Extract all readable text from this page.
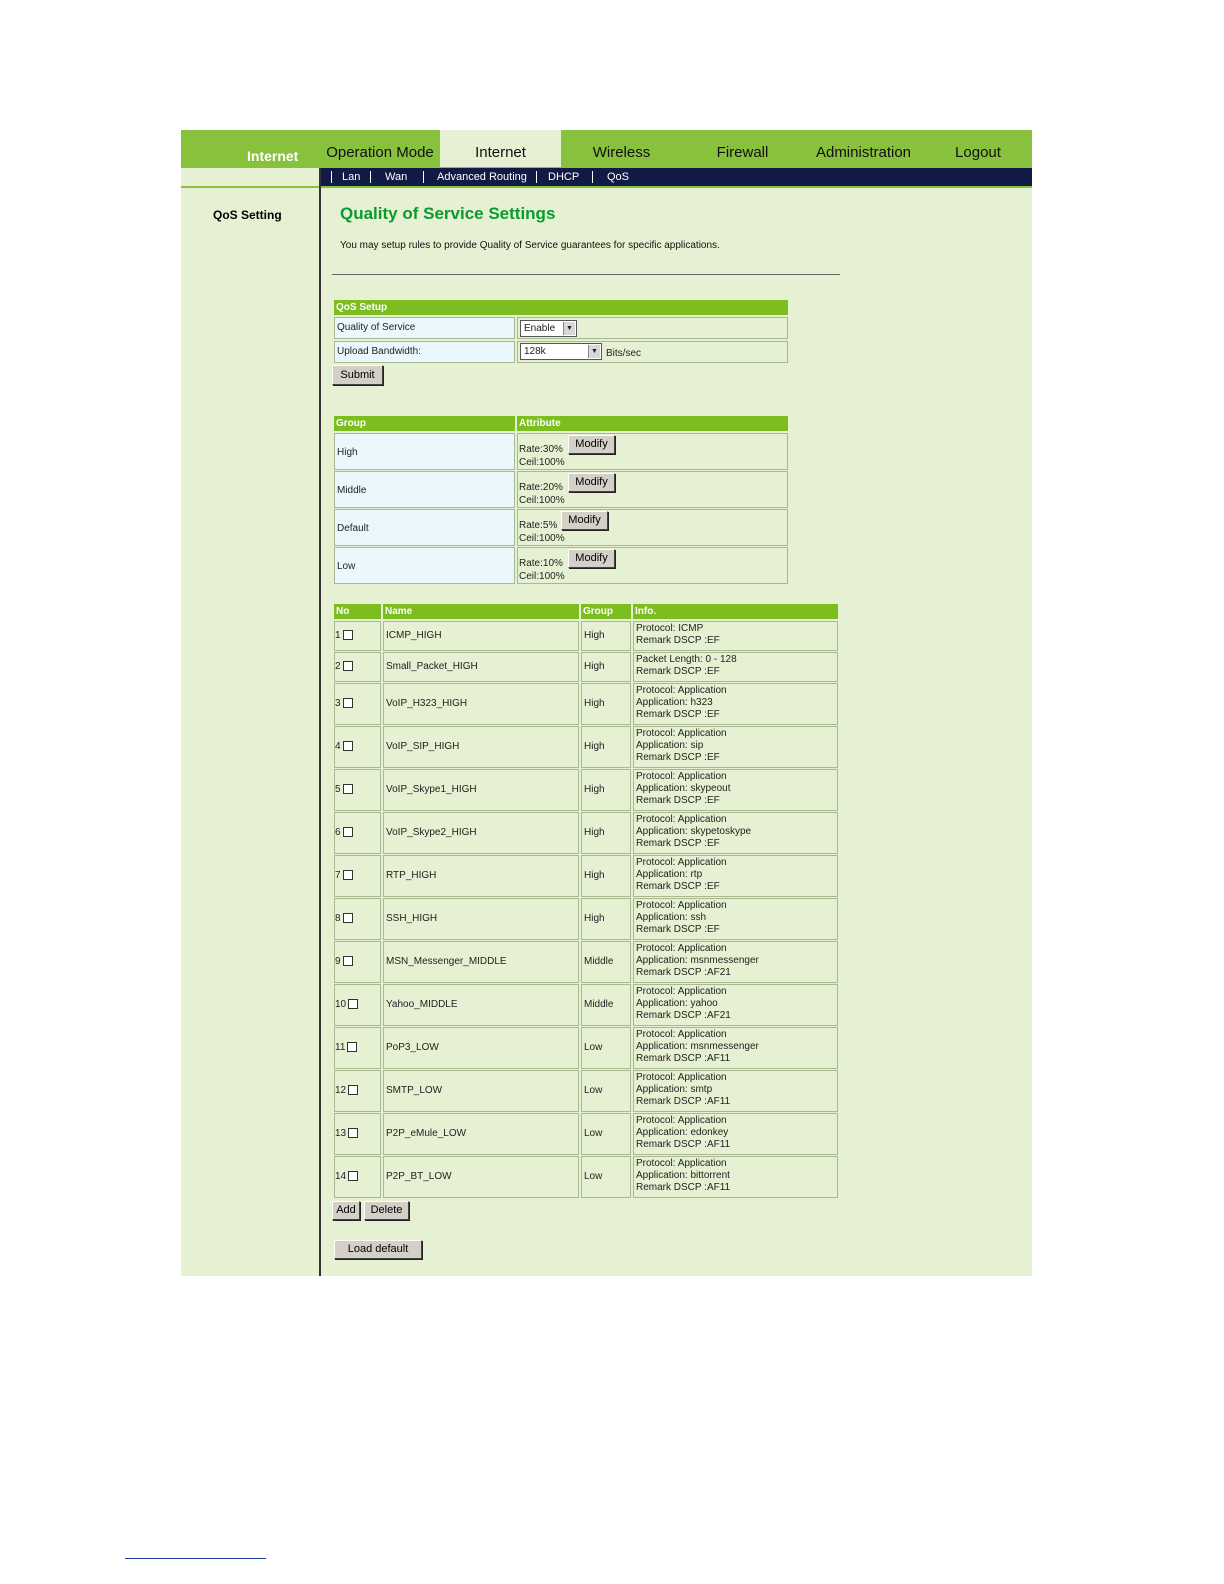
Internet	Operation Mode	Internet	Wireless	Firewall	Administration	Logout
Lan Wan	Advanced Routing DHCP	QoS
QoS Setting	Quality of Service Settings
You may setup rules to provide Quality of Service guarantees for specific applications.
QoS Setup
Quality of Service	Enable	▼
Upload Bandwidth:	128k	▼ Bits/sec
Submit
Group	Attribute
High	Rate:30%
Ceil:100%
Modify
Middle	Rate:20%
Ceil:100%
Modify
Default	Rate:5%
Ceil:100%
Modify
Low	Rate:10%
Ceil:100%
Modify
No	Name	Group	Info.
1	ICMP_HIGH	High
Protocol: ICMP
Remark DSCP :EF
2	Small_Packet_HIGH	High
Packet Length: 0 - 128
Remark DSCP :EF
3	VoIP_H323_HIGH	High
Protocol: Application
Application: h323
Remark DSCP :EF
4	VoIP_SIP_HIGH	High
Protocol: Application
Application: sip
Remark DSCP :EF
5	VoIP_Skype1_HIGH	High
Protocol: Application
Application: skypeout
Remark DSCP :EF
6	VoIP_Skype2_HIGH	High
Protocol: Application
Application: skypetoskype
Remark DSCP :EF
7	RTP_HIGH	High
Protocol: Application
Application: rtp
Remark DSCP :EF
8	SSH_HIGH	High
Protocol: Application
Application: ssh
Remark DSCP :EF
9	MSN_Messenger_MIDDLE	Middle
Protocol: Application
Application: msnmessenger
Remark DSCP :AF21
10	Yahoo_MIDDLE	Middle
Protocol: Application
Application: yahoo
Remark DSCP :AF21
11	PoP3_LOW	Low
Protocol: Application
Application: msnmessenger
Remark DSCP :AF11
12	SMTP_LOW	Low
Protocol: Application
Application: smtp
Remark DSCP :AF11
13	P2P_eMule_LOW	Low
Protocol: Application
Application: edonkey
Remark DSCP :AF11
14	P2P_BT_LOW	Low
Protocol: Application
Application: bittorrent
Remark DSCP :AF11
Add	Delete
Load default
